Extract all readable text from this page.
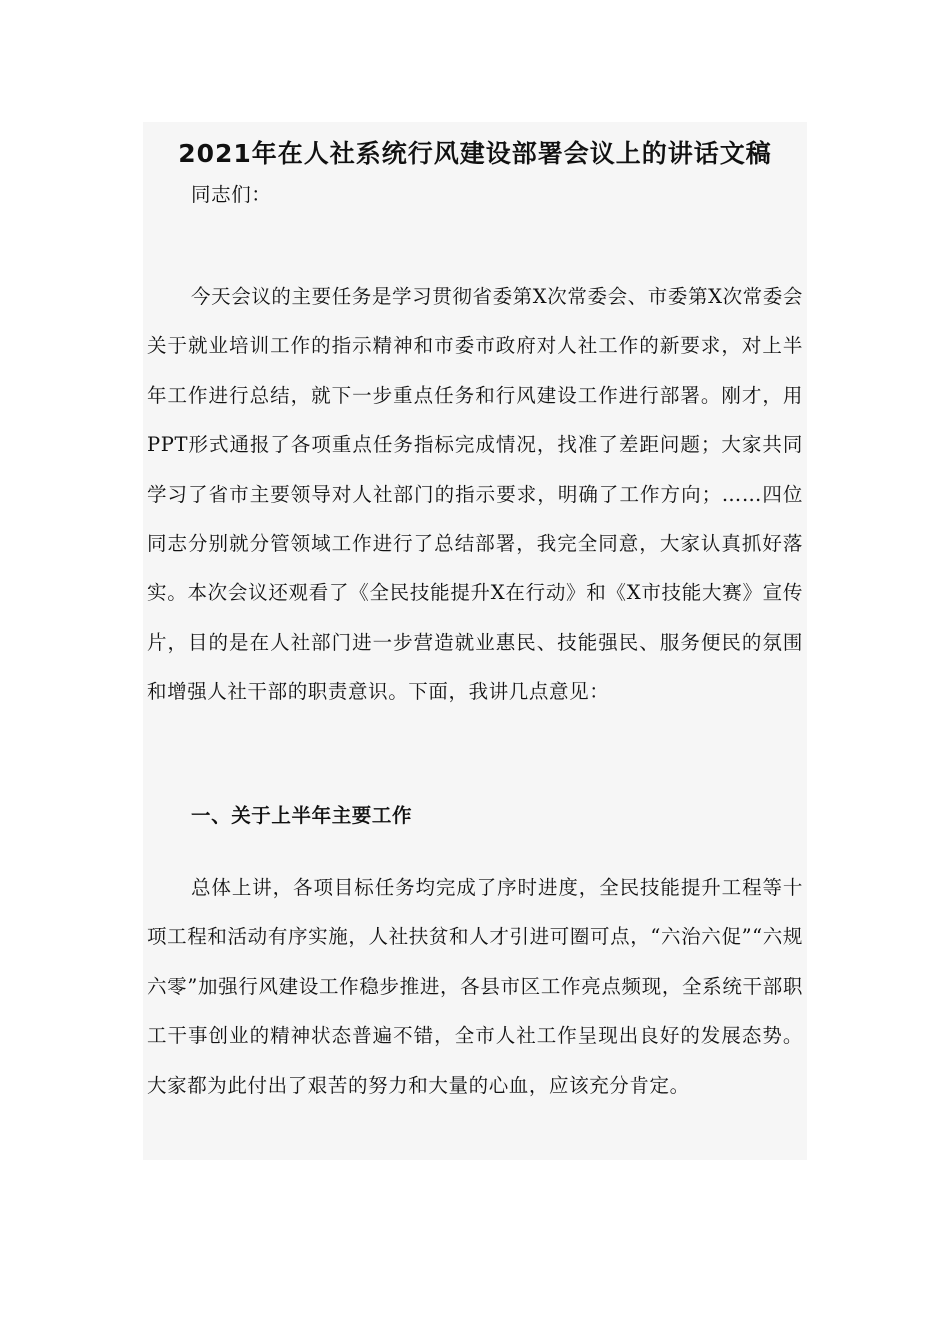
2021年在人社系统行风建设部署会议上的讲话文稿

同志们：

今天会议的主要任务是学习贯彻省委第X次常委会、市委第X次常委会关于就业培训工作的指示精神和市委市政府对人社工作的新要求，对上半年工作进行总结，就下一步重点任务和行风建设工作进行部署。刚才，用PPT形式通报了各项重点任务指标完成情况，找准了差距问题；大家共同学习了省市主要领导对人社部门的指示要求，明确了工作方向；……四位同志分别就分管领域工作进行了总结部署，我完全同意，大家认真抓好落实。本次会议还观看了《全民技能提升X在行动》和《X市技能大赛》宣传片，目的是在人社部门进一步营造就业惠民、技能强民、服务便民的氛围和增强人社干部的职责意识。下面，我讲几点意见：

一、关于上半年主要工作

总体上讲，各项目标任务均完成了序时进度，全民技能提升工程等十项工程和活动有序实施，人社扶贫和人才引进可圈可点，“六治六促”“六规六零”加强行风建设工作稳步推进，各县市区工作亮点频现，全系统干部职工干事创业的精神状态普遍不错，全市人社工作呈现出良好的发展态势。大家都为此付出了艰苦的努力和大量的心血，应该充分肯定。
